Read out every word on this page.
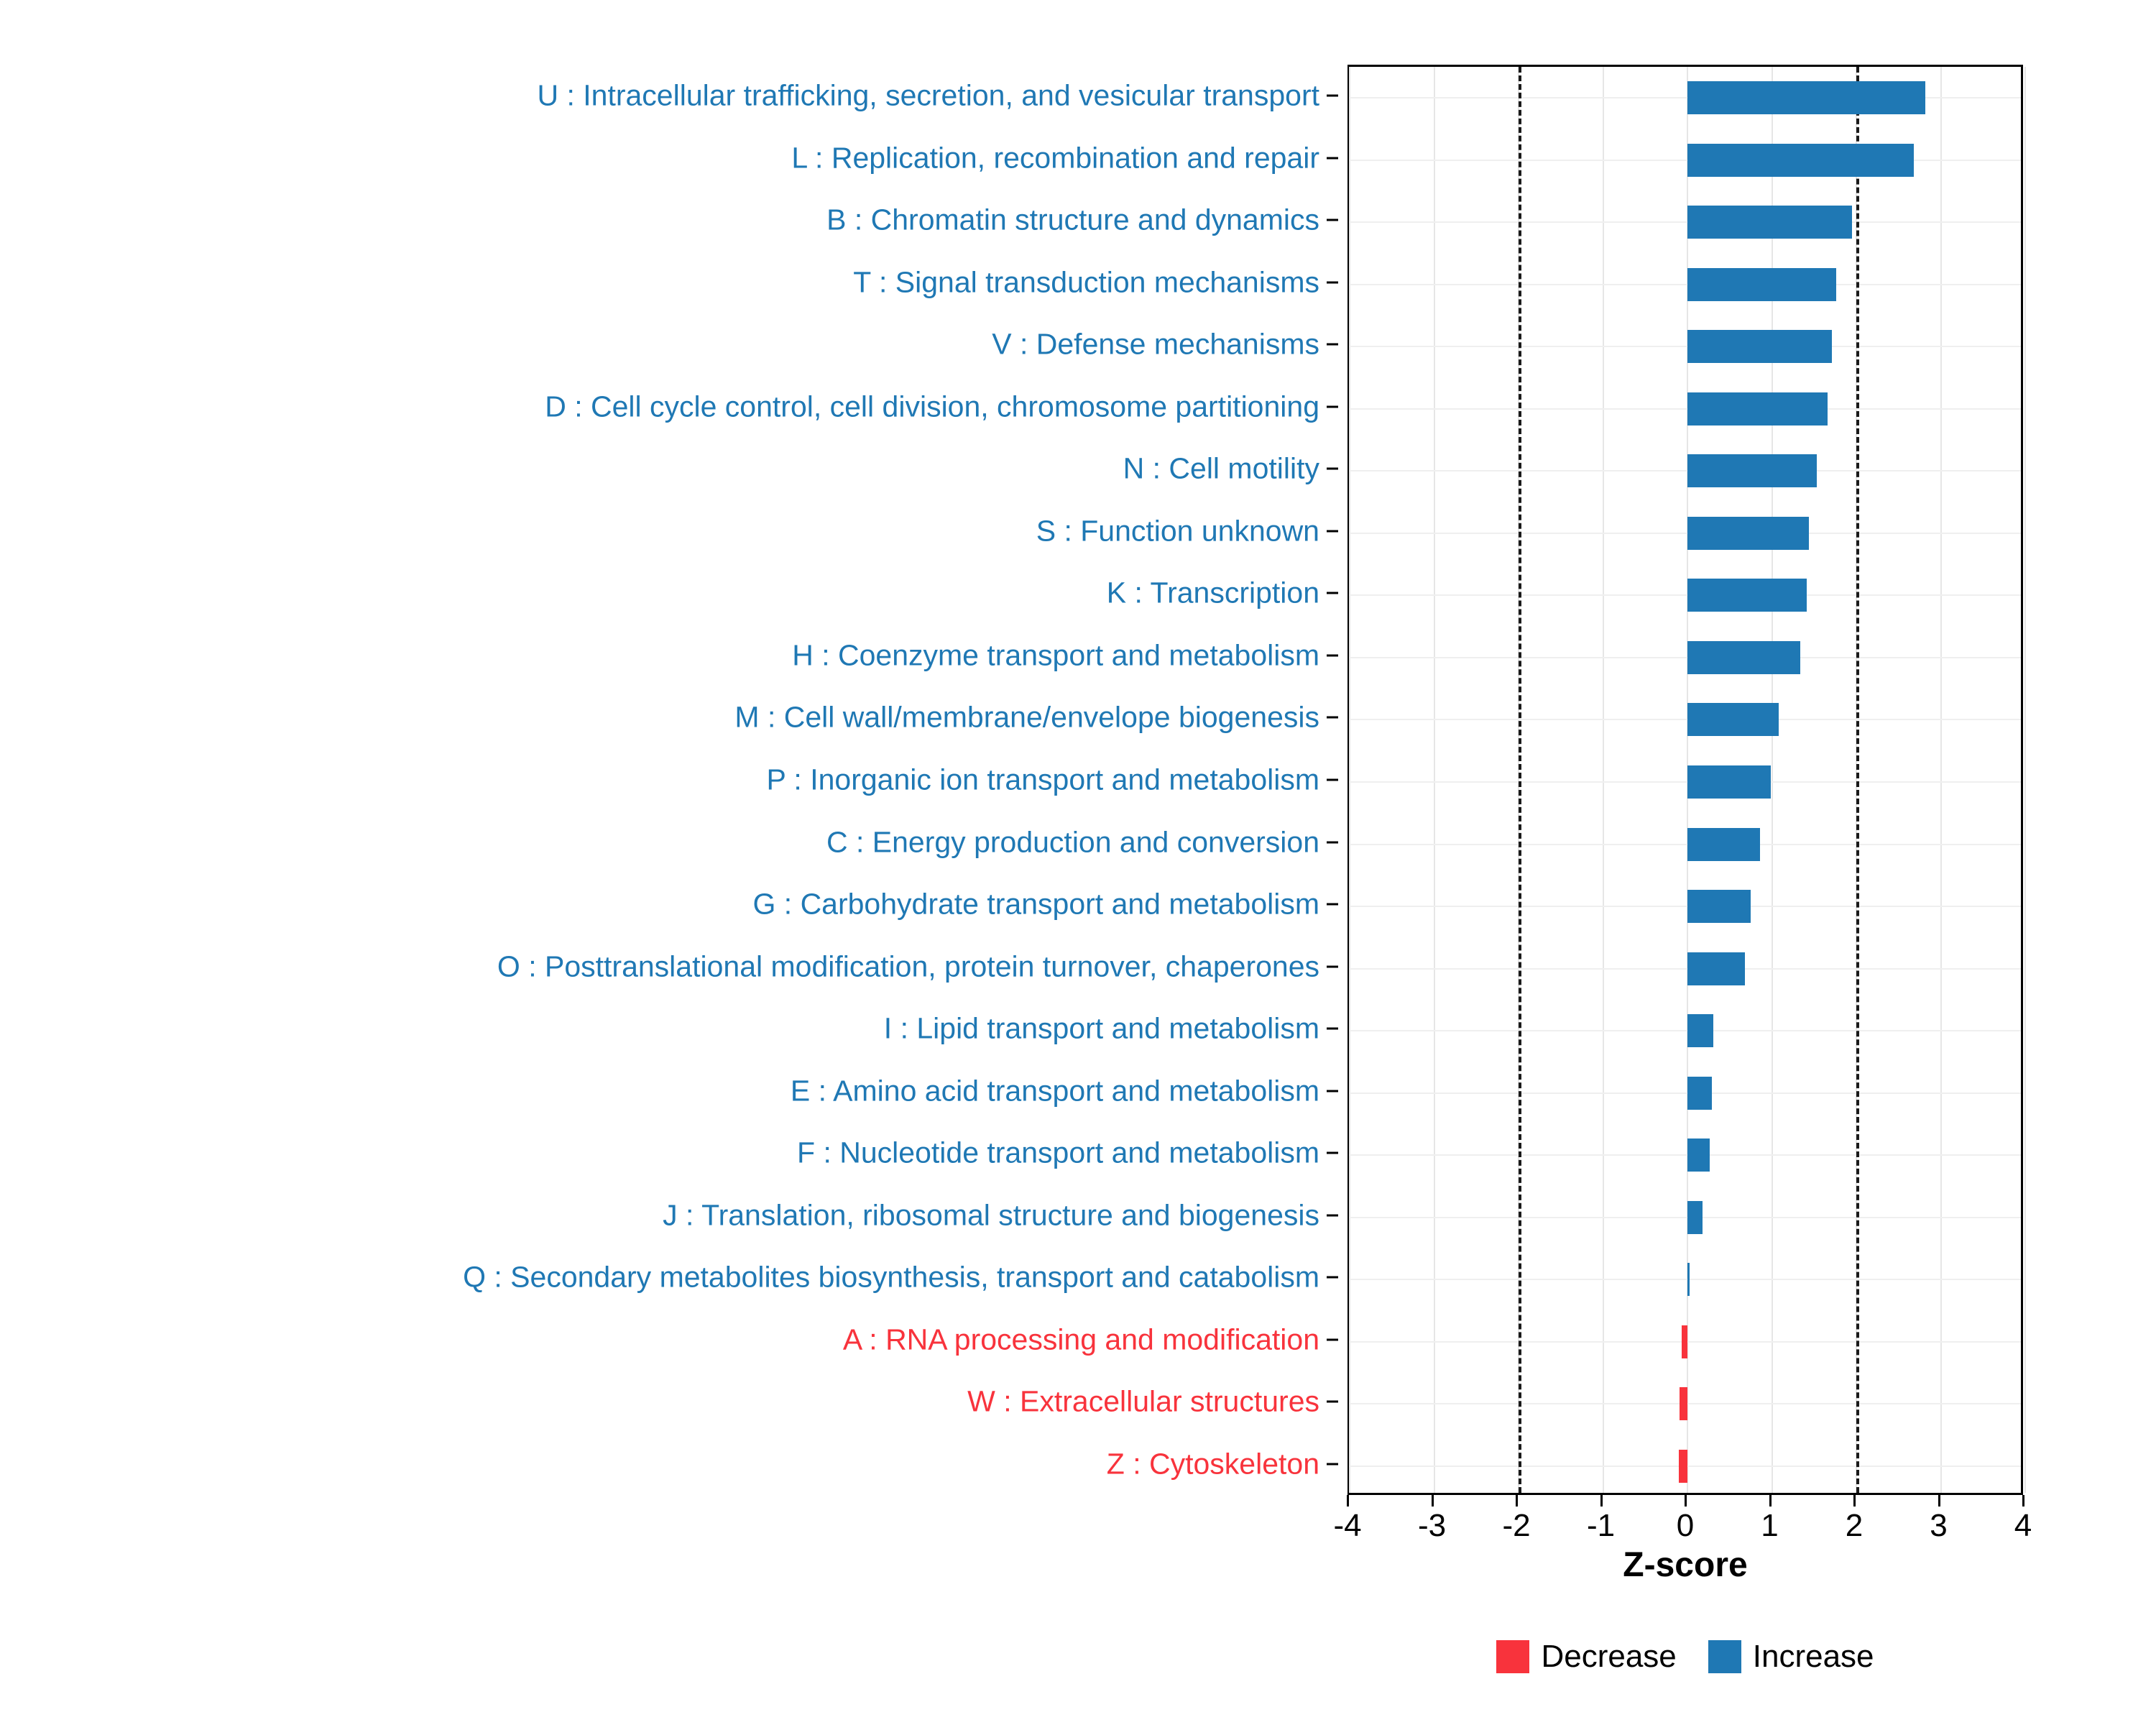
U : Intracellular trafficking, secretion, and vesicular transport
L : Replication, recombination and repair
B : Chromatin structure and dynamics
T : Signal transduction mechanisms
V : Defense mechanisms
D : Cell cycle control, cell division, chromosome partitioning
N : Cell motility
S : Function unknown
K : Transcription
H : Coenzyme transport and metabolism
M : Cell wall/membrane/envelope biogenesis
P : Inorganic ion transport and metabolism
C : Energy production and conversion
G : Carbohydrate transport and metabolism
O : Posttranslational modification, protein turnover, chaperones
I : Lipid transport and metabolism
E : Amino acid transport and metabolism
F : Nucleotide transport and metabolism
J : Translation, ribosomal structure and biogenesis
Q : Secondary metabolites biosynthesis, transport and catabolism
A : RNA processing and modification
W : Extracellular structures
Z : Cytoskeleton
-4 -3 -2 -1 0 1 2 3 4
Z-score
Decrease Increase
